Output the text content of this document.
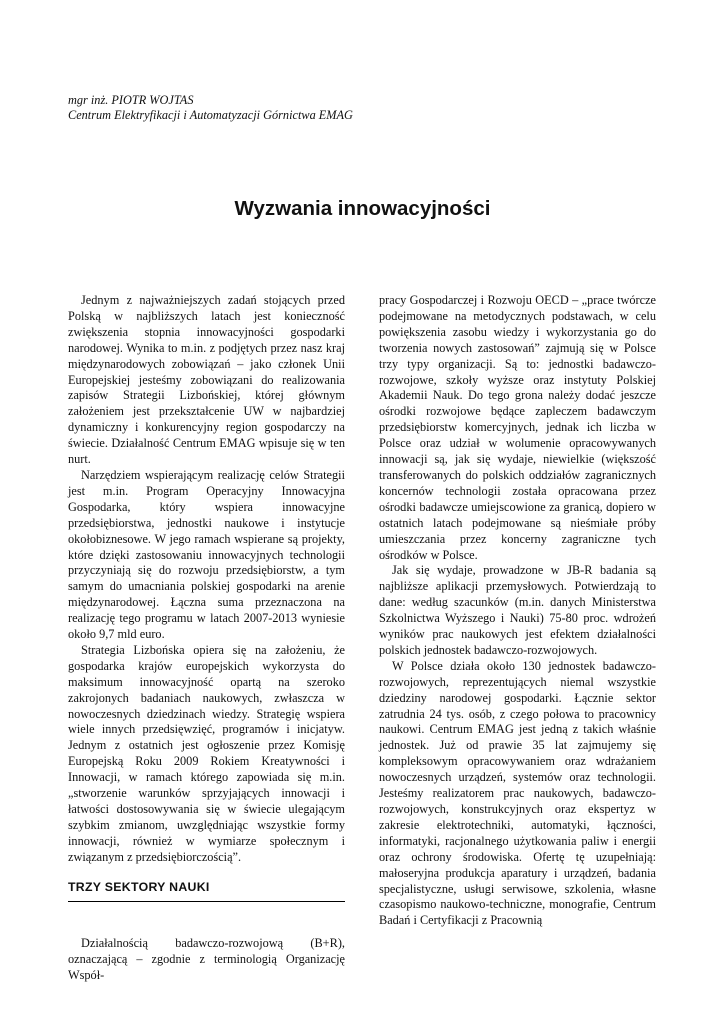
mgr inż. PIOTR WOJTAS
Centrum Elektryfikacji i Automatyzacji Górnictwa EMAG
Wyzwania innowacyjności

Jednym z najważniejszych zadań stojących przed Polską w najbliższych latach jest konieczność zwiększenia stopnia innowacyjności gospodarki narodowej. Wynika to m.in. z podjętych przez nasz kraj międzynarodowych zobowiązań – jako członek Unii Europejskiej jesteśmy zobowiązani do realizowania zapisów Strategii Lizbońskiej, której głównym założeniem jest przekształcenie UW w najbardziej dynamiczny i konkurencyjny region gospodarczy na świecie. Działalność Centrum EMAG wpisuje się w ten nurt.

Narzędziem wspierającym realizację celów Strategii jest m.in. Program Operacyjny Innowacyjna Gospodarka, który wspiera innowacyjne przedsiębiorstwa, jednostki naukowe i instytucje okołobiznesowe. W jego ramach wspierane są projekty, które dzięki zastosowaniu innowacyjnych technologii przyczyniają się do rozwoju przedsiębiorstw, a tym samym do umacniania polskiej gospodarki na arenie międzynarodowej. Łączna suma przeznaczona na realizację tego programu w latach 2007-2013 wyniesie około 9,7 mld euro.

Strategia Lizbońska opiera się na założeniu, że gospodarka krajów europejskich wykorzysta do maksimum innowacyjność opartą na szeroko zakrojonych badaniach naukowych, zwłaszcza w nowoczesnych dziedzinach wiedzy. Strategię wspiera wiele innych przedsięwzięć, programów i inicjatyw. Jednym z ostatnich jest ogłoszenie przez Komisję Europejską Roku 2009 Rokiem Kreatywności i Innowacji, w ramach którego zapowiada się m.in. „stworzenie warunków sprzyjających innowacji i łatwości dostosowywania się w świecie ulegającym szybkim zmianom, uwzględniając wszystkie formy innowacji, również w wymiarze społecznym i związanym z przedsiębiorczością”.

TRZY SEKTORY NAUKI

Działalnością badawczo-rozwojową (B+R), oznaczającą – zgodnie z terminologią Organizację Współ-

pracy Gospodarczej i Rozwoju OECD – „prace twórcze podejmowane na metodycznych podstawach, w celu powiększenia zasobu wiedzy i wykorzystania go do tworzenia nowych zastosowań” zajmują się w Polsce trzy typy organizacji. Są to: jednostki badawczo-rozwojowe, szkoły wyższe oraz instytuty Polskiej Akademii Nauk. Do tego grona należy dodać jeszcze ośrodki rozwojowe będące zapleczem badawczym przedsiębiorstw komercyjnych, jednak ich liczba w Polsce oraz udział w wolumenie opracowywanych innowacji są, jak się wydaje, niewielkie (większość transferowanych do polskich oddziałów zagranicznych koncernów technologii została opracowana przez ośrodki badawcze umiejscowione za granicą, dopiero w ostatnich latach podejmowane są nieśmiałe próby umieszczania przez koncerny zagraniczne tych ośrodków w Polsce.

Jak się wydaje, prowadzone w JB-R badania są najbliższe aplikacji przemysłowych. Potwierdzają to dane: według szacunków (m.in. danych Ministerstwa Szkolnictwa Wyższego i Nauki) 75-80 proc. wdrożeń wyników prac naukowych jest efektem działalności polskich jednostek badawczo-rozwojowych.

W Polsce działa około 130 jednostek badawczo-rozwojowych, reprezentujących niemal wszystkie dziedziny narodowej gospodarki. Łącznie sektor zatrudnia 24 tys. osób, z czego połowa to pracownicy naukowi. Centrum EMAG jest jedną z takich właśnie jednostek. Już od prawie 35 lat zajmujemy się kompleksowym opracowywaniem oraz wdrażaniem nowoczesnych urządzeń, systemów oraz technologii. Jesteśmy realizatorem prac naukowych, badawczo-rozwojowych, konstrukcyjnych oraz ekspertyz w zakresie elektrotechniki, automatyki, łączności, informatyki, racjonalnego użytkowania paliw i energii oraz ochrony środowiska. Ofertę tę uzupełniają: małoseryjna produkcja aparatury i urządzeń, badania specjalistyczne, usługi serwisowe, szkolenia, własne czasopismo naukowo-techniczne, monografie, Centrum Badań i Certyfikacji z Pracownią
